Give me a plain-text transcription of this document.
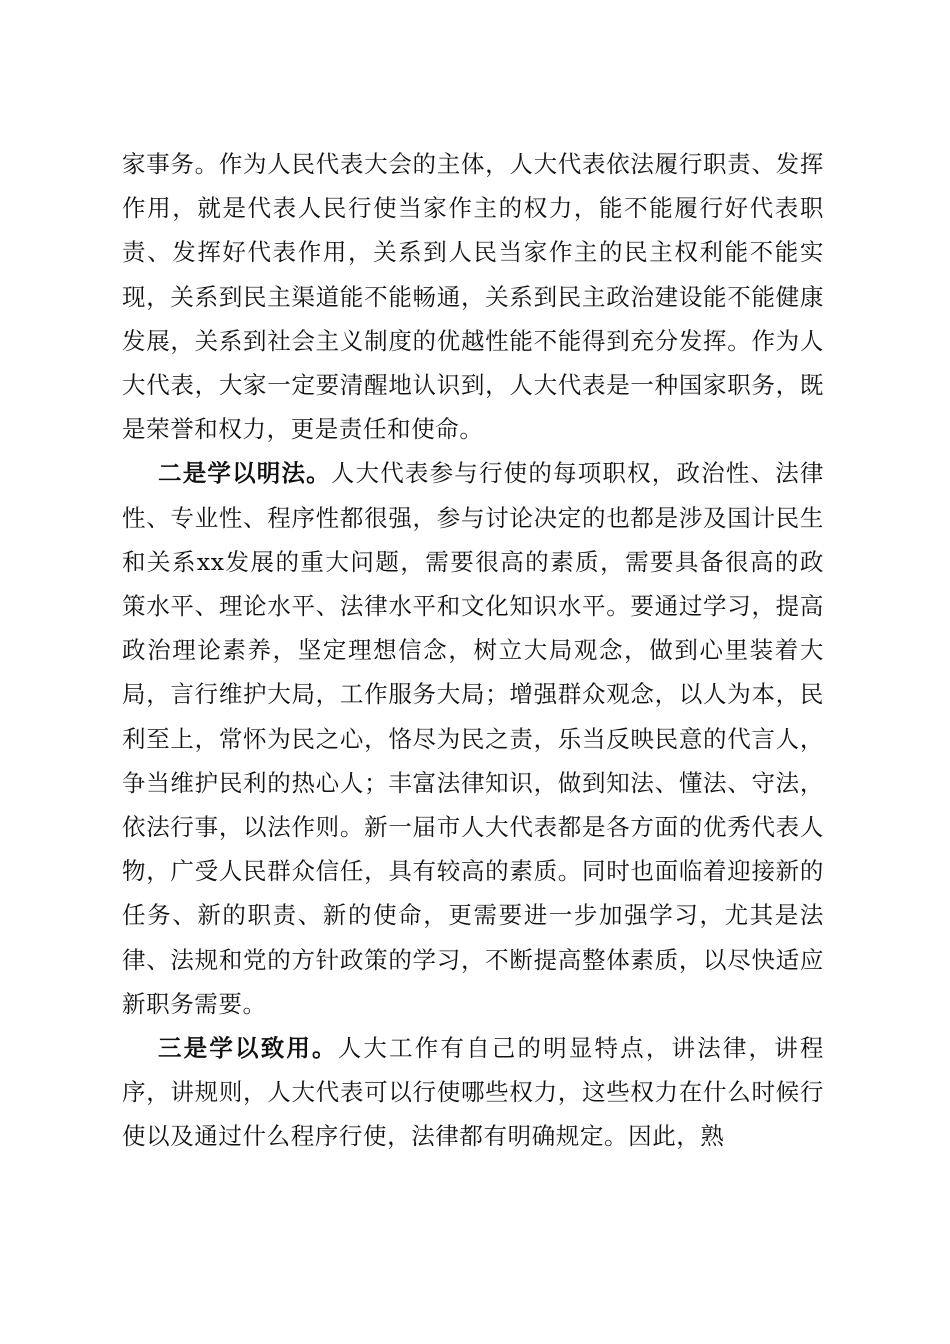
家事务。作为人民代表大会的主体，人大代表依法履行职责、发挥作用，就是代表人民行使当家作主的权力，能不能履行好代表职责、发挥好代表作用，关系到人民当家作主的民主权利能不能实现，关系到民主渠道能不能畅通，关系到民主政治建设能不能健康发展，关系到社会主义制度的优越性能不能得到充分发挥。作为人大代表，大家一定要清醒地认识到，人大代表是一种国家职务，既是荣誉和权力，更是责任和使命。

二是学以明法。人大代表参与行使的每项职权，政治性、法律性、专业性、程序性都很强，参与讨论决定的也都是涉及国计民生和关系xx发展的重大问题，需要很高的素质，需要具备很高的政策水平、理论水平、法律水平和文化知识水平。要通过学习，提高政治理论素养，坚定理想信念，树立大局观念，做到心里装着大局，言行维护大局，工作服务大局；增强群众观念，以人为本，民利至上，常怀为民之心，恪尽为民之责，乐当反映民意的代言人，争当维护民利的热心人；丰富法律知识，做到知法、懂法、守法，依法行事，以法作则。新一届市人大代表都是各方面的优秀代表人物，广受人民群众信任，具有较高的素质。同时也面临着迎接新的任务、新的职责、新的使命，更需要进一步加强学习，尤其是法律、法规和党的方针政策的学习，不断提高整体素质，以尽快适应新职务需要。

三是学以致用。人大工作有自己的明显特点，讲法律，讲程序，讲规则，人大代表可以行使哪些权力，这些权力在什么时候行使以及通过什么程序行使，法律都有明确规定。因此，熟
